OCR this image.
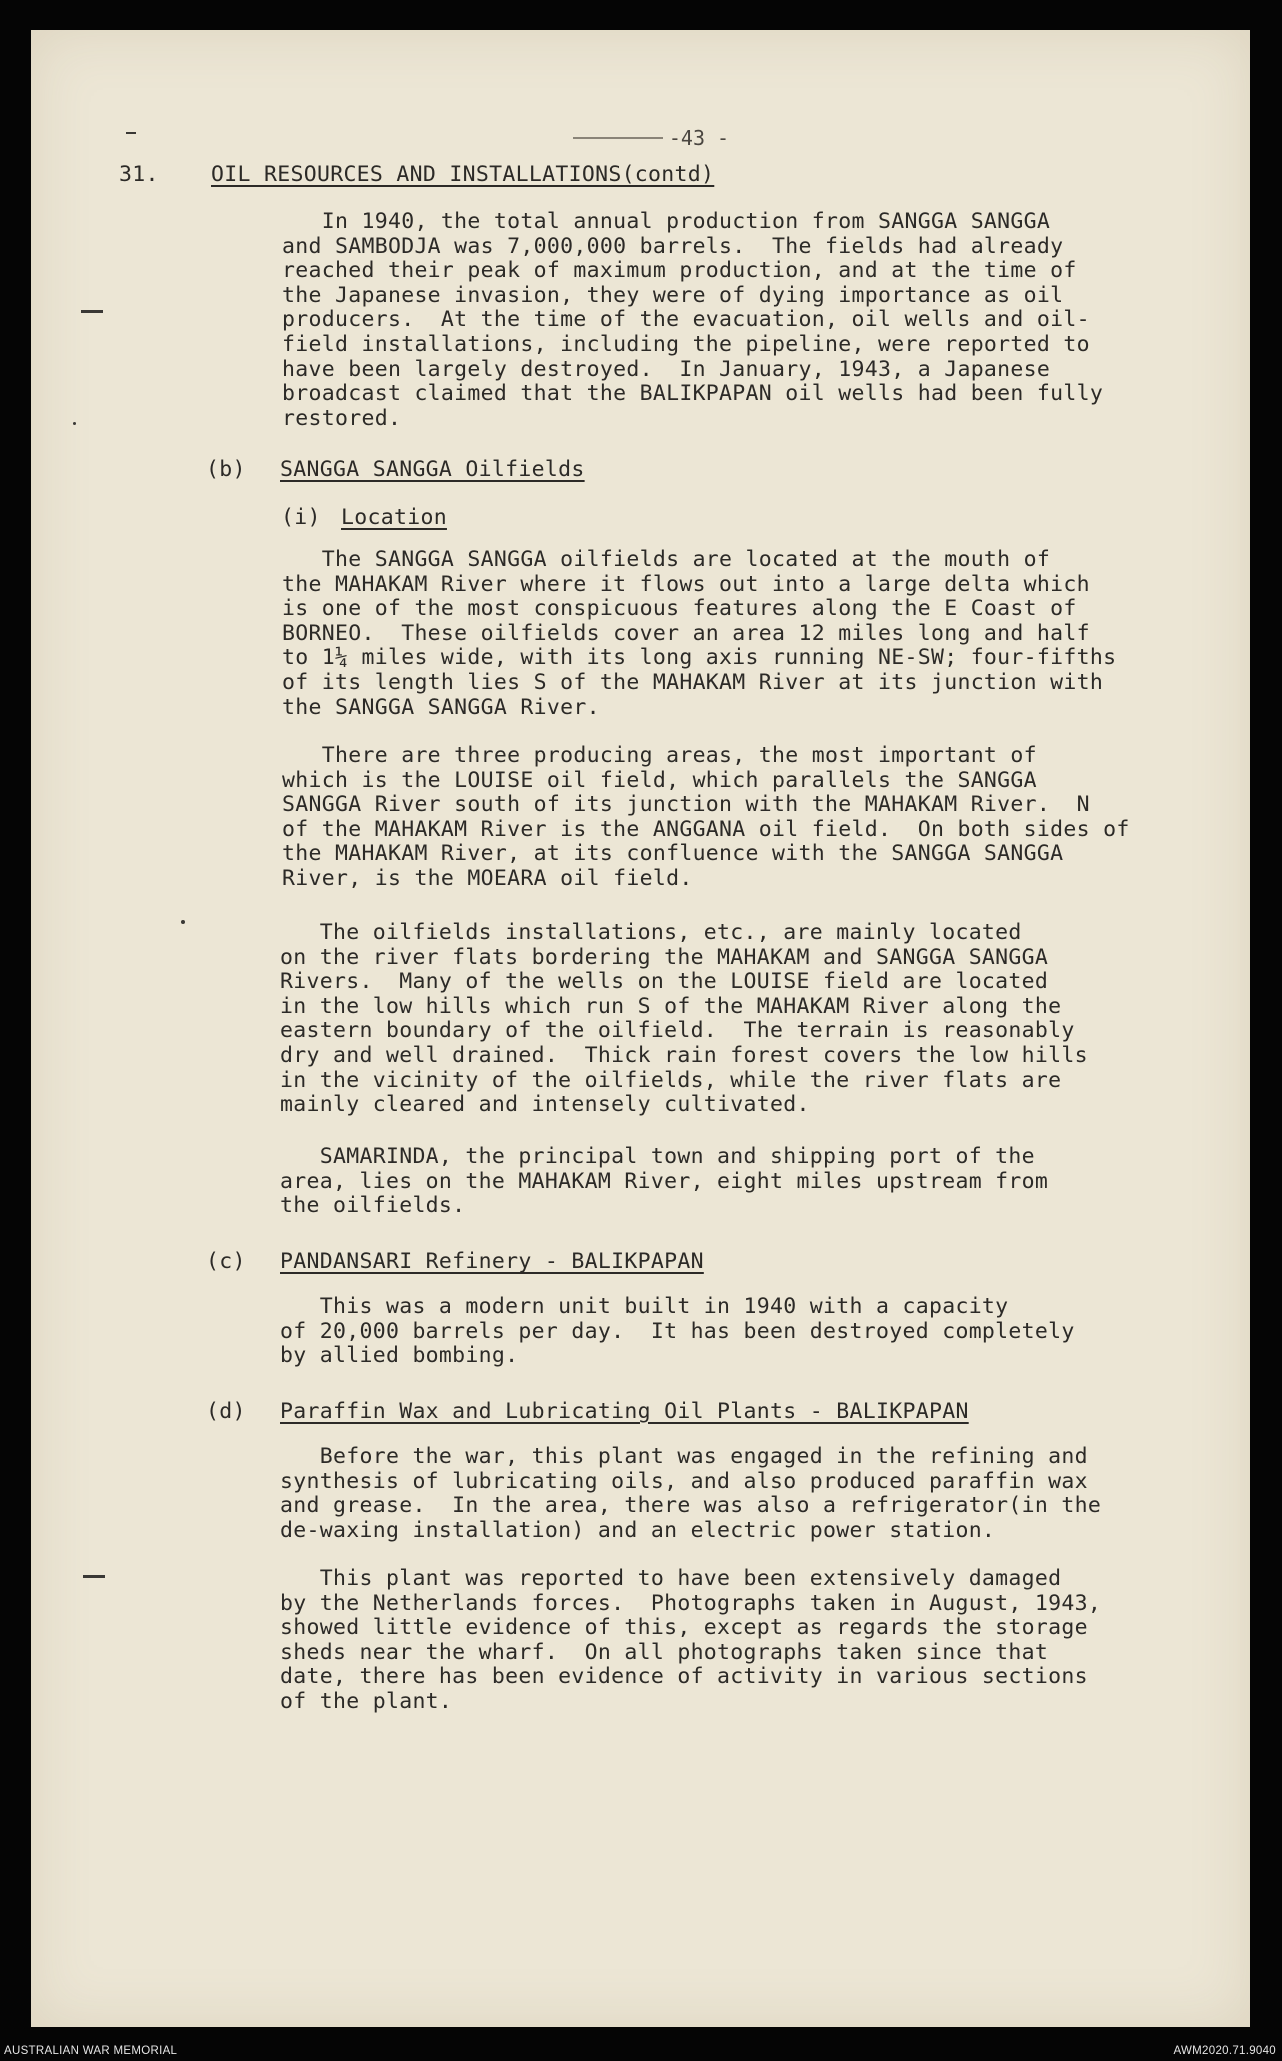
-43 -
31. OIL RESOURCES AND INSTALLATIONS(contd)
In 1940, the total annual production from SANGGA SANGGA
and SAMBODJA was 7,000,000 barrels.  The fields had already
reached their peak of maximum production, and at the time of
the Japanese invasion, they were of dying importance as oil
producers.  At the time of the evacuation, oil wells and oil-
field installations, including the pipeline, were reported to
have been largely destroyed.  In January, 1943, a Japanese
broadcast claimed that the BALIKPAPAN oil wells had been fully
restored.
(b) SANGGA SANGGA Oilfields
(i) Location
The SANGGA SANGGA oilfields are located at the mouth of
the MAHAKAM River where it flows out into a large delta which
is one of the most conspicuous features along the E Coast of
BORNEO.  These oilfields cover an area 12 miles long and half
to 1¼ miles wide, with its long axis running NE-SW; four-fifths
of its length lies S of the MAHAKAM River at its junction with
the SANGGA SANGGA River.
There are three producing areas, the most important of
which is the LOUISE oil field, which parallels the SANGGA
SANGGA River south of its junction with the MAHAKAM River.  N
of the MAHAKAM River is the ANGGANA oil field.  On both sides of
the MAHAKAM River, at its confluence with the SANGGA SANGGA
River, is the MOEARA oil field.
The oilfields installations, etc., are mainly located
on the river flats bordering the MAHAKAM and SANGGA SANGGA
Rivers.  Many of the wells on the LOUISE field are located
in the low hills which run S of the MAHAKAM River along the
eastern boundary of the oilfield.  The terrain is reasonably
dry and well drained.  Thick rain forest covers the low hills
in the vicinity of the oilfields, while the river flats are
mainly cleared and intensely cultivated.
SAMARINDA, the principal town and shipping port of the
area, lies on the MAHAKAM River, eight miles upstream from
the oilfields.
(c) PANDANSARI Refinery - BALIKPAPAN
This was a modern unit built in 1940 with a capacity
of 20,000 barrels per day.  It has been destroyed completely
by allied bombing.
(d) Paraffin Wax and Lubricating Oil Plants - BALIKPAPAN
Before the war, this plant was engaged in the refining and
synthesis of lubricating oils, and also produced paraffin wax
and grease.  In the area, there was also a refrigerator(in the
de-waxing installation) and an electric power station.
This plant was reported to have been extensively damaged
by the Netherlands forces.  Photographs taken in August, 1943,
showed little evidence of this, except as regards the storage
sheds near the wharf.  On all photographs taken since that
date, there has been evidence of activity in various sections
of the plant.
AUSTRALIAN WAR MEMORIAL	AWM2020.71.9040
